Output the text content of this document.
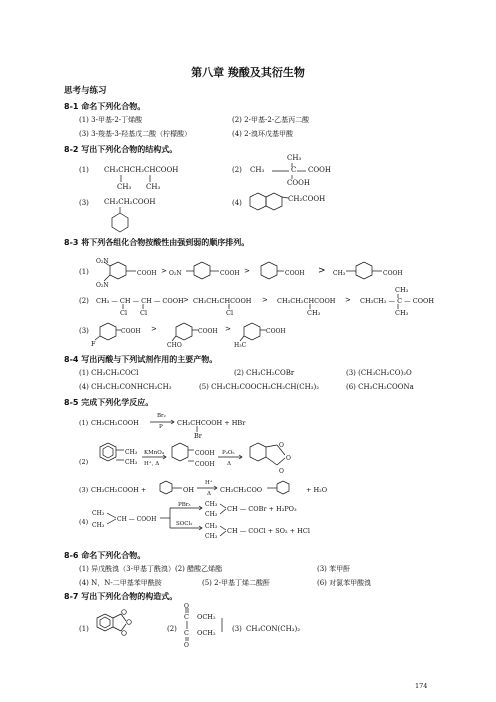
第八章 羧酸及其衍生物
思考与练习
8-1 命名下列化合物。
(1) 3-甲基-2-丁烯酸	(2) 2-甲基-2-乙基丙二酸
(3) 3-羧基-3-羟基戊二酸（柠檬酸）	(4) 2-溴环戊基甲酸
8-2 写出下列化合物的结构式。
(1) CH₃CHCH₂CHCOOH
CH₃ CH₃
(2)
CH₃
CH₃	C COOH
COOH
(3) CH₂CH₂COOH	(4)	CH₂COOH
8-3 将下列各组化合物按酸性由强到弱的顺序排列。
(1)
O₂N
O₂N
COOH > O₂N	COOH >	COOH > CH₃	COOH
(2) CH₃ — CH — CH — COOH
Cl Cl
> CH₃CH₂CHCOOH
Cl
> CH₃CH₂CHCOOH
CH₃
> CH₃CH₂ — C — COOH
CH₃
CH₃
(3)	COOH
F
>	COOH
CHO
>	COOH
H₃C
8-4 写出丙酸与下列试剂作用的主要产物。
(1) CH₃CH₂COCl	(2) CH₃CH₂COBr	(3) (CH₃CH₂CO)₂O
(4) CH₃CH₂CONHCH₂CH₃	(5) CH₃CH₂COOCH₂CH₂CH(CH₃)₂	(6) CH₃CH₂COONa
8-5 完成下列化学反应。
(1) CH₃CH₂COOH
Br₂
P CH₃CHCOOH + HBr
Br
(2)
CH₃
CH₃
KMnO₄
H⁺, Δ
COOH
COOH
P₂O₅
Δ
O
O
O
(3) CH₃CH₂COOH +	OH
H⁺
Δ CH₃CH₂COO	+ H₂O
(4)
CH₃
CH₃
CH — COOH
PBr₃
SOCl₂
CH₃
CH₃
CH — COBr + H₃PO₃
CH₃
CH₃
CH — COCl + SO₂ + HCl
8-6 命名下列化合物。
(1) 异戊酰溴（3-甲基丁酰溴）(2) 醋酸乙烯酯	(3) 苯甲酐
(4) N，N-二甲基苯甲酰胺	(5) 2-甲基丁烯二酸酐	(6) 对氯苯甲酸溴
8-7 写出下列化合物的构造式。
(1)	(2)
O
C OCH₂
C OCH₂
O
(3) CH₃CON(CH₃)₂
174
